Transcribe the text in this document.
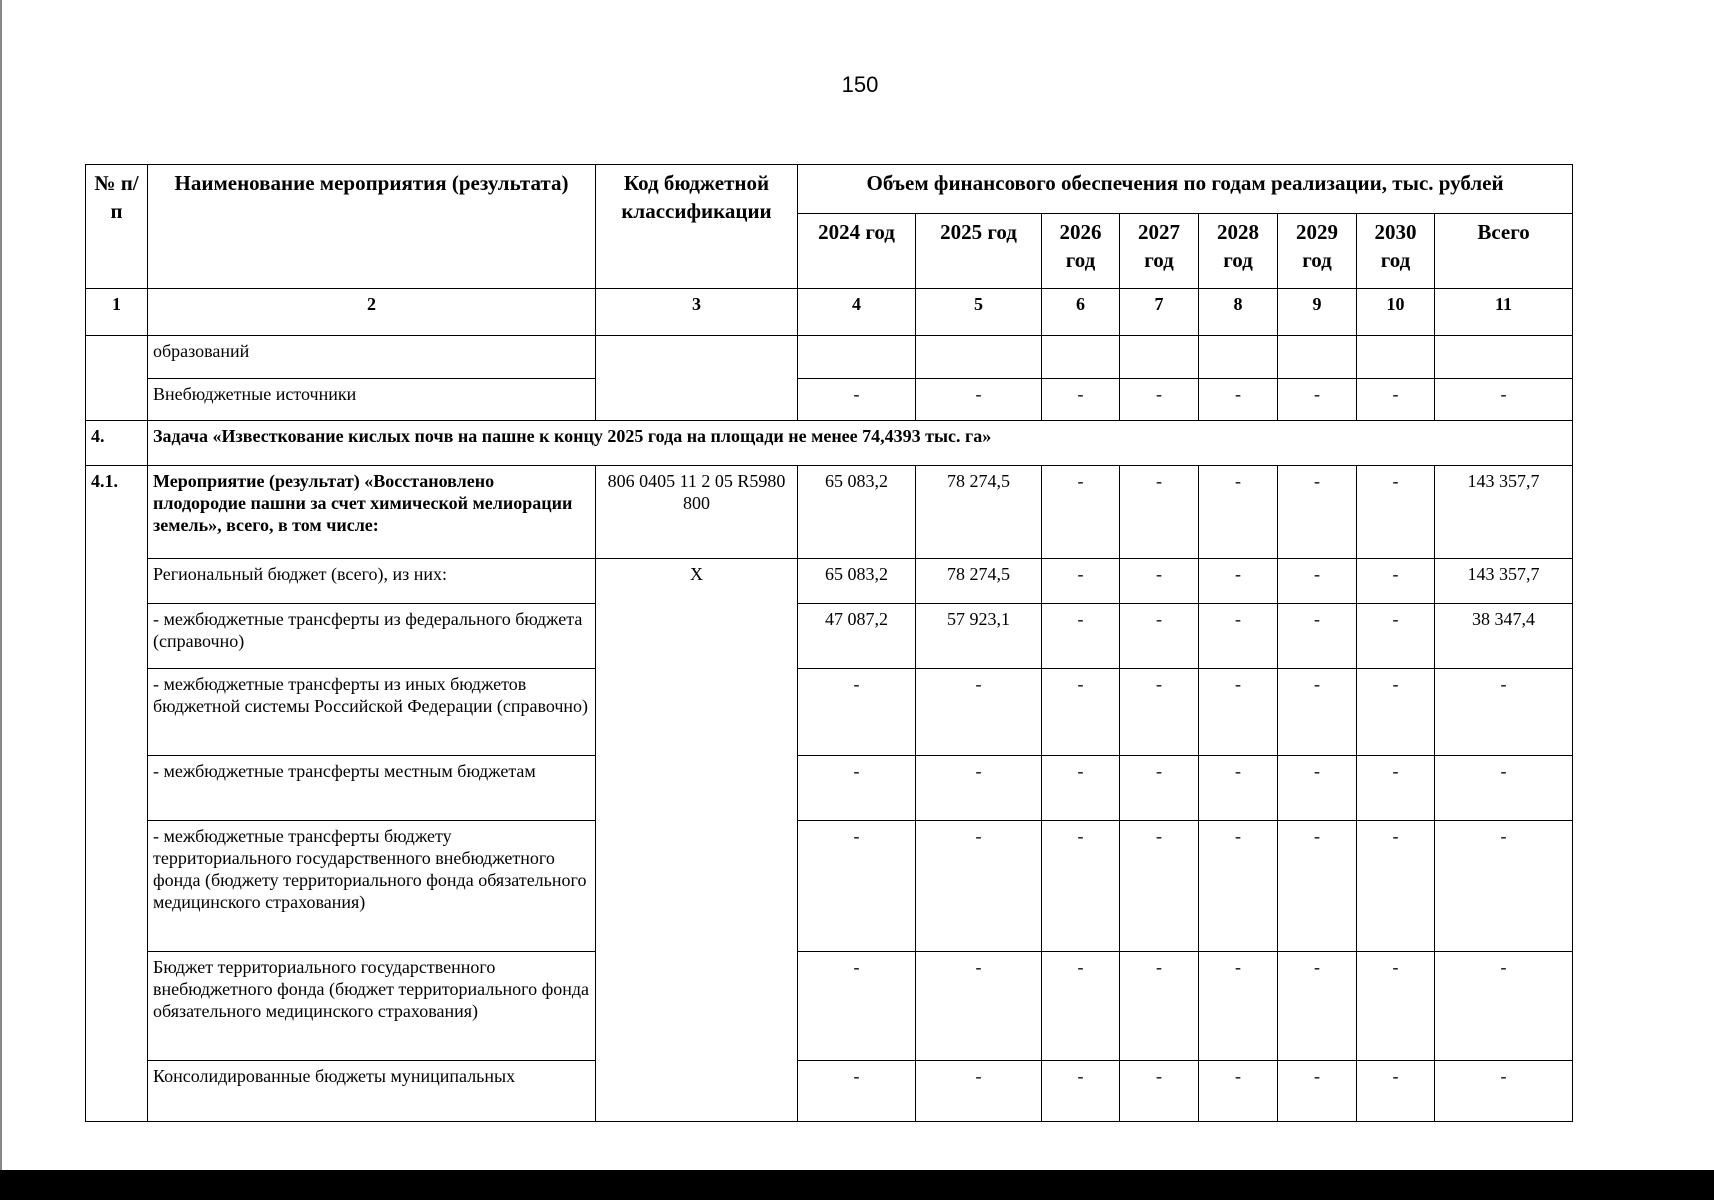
150
№ п/п	Наименование мероприятия (результата)	Код бюджетной классификации	Объем финансового обеспечения по годам реализации, тыс. рублей							
			2024 год	2025 год	2026 год	2027 год	2028 год	2029 год	2030 год	Всего
1	2	3	4	5	6	7	8	9	10	11
	образований									
	Внебюджетные источники		-	-	-	-	-	-	-	-
4.	Задача «Известкование кислых почв на пашне к концу 2025 года на площади не менее 74,4393 тыс. га»									
4.1.	Мероприятие (результат) «Восстановлено плодородие пашни за счет химической мелиорации земель», всего, в том числе:	806 0405 11 2 05 R5980 800	65 083,2	78 274,5	-	-	-	-	-	143 357,7
	Региональный бюджет (всего), из них:	X	65 083,2	78 274,5	-	-	-	-	-	143 357,7
	- межбюджетные трансферты из федерального бюджета (справочно)		47 087,2	57 923,1	-	-	-	-	-	38 347,4
	- межбюджетные трансферты из иных бюджетов бюджетной системы Российской Федерации (справочно)		-	-	-	-	-	-	-	-
	- межбюджетные трансферты местным бюджетам		-	-	-	-	-	-	-	-
	- межбюджетные трансферты бюджету территориального государственного внебюджетного фонда (бюджету территориального фонда обязательного медицинского страхования)		-	-	-	-	-	-	-	-
	Бюджет территориального государственного внебюджетного фонда (бюджет территориального фонда обязательного медицинского страхования)		-	-	-	-	-	-	-	-
	Консолидированные бюджеты муниципальных		-	-	-	-	-	-	-	-
